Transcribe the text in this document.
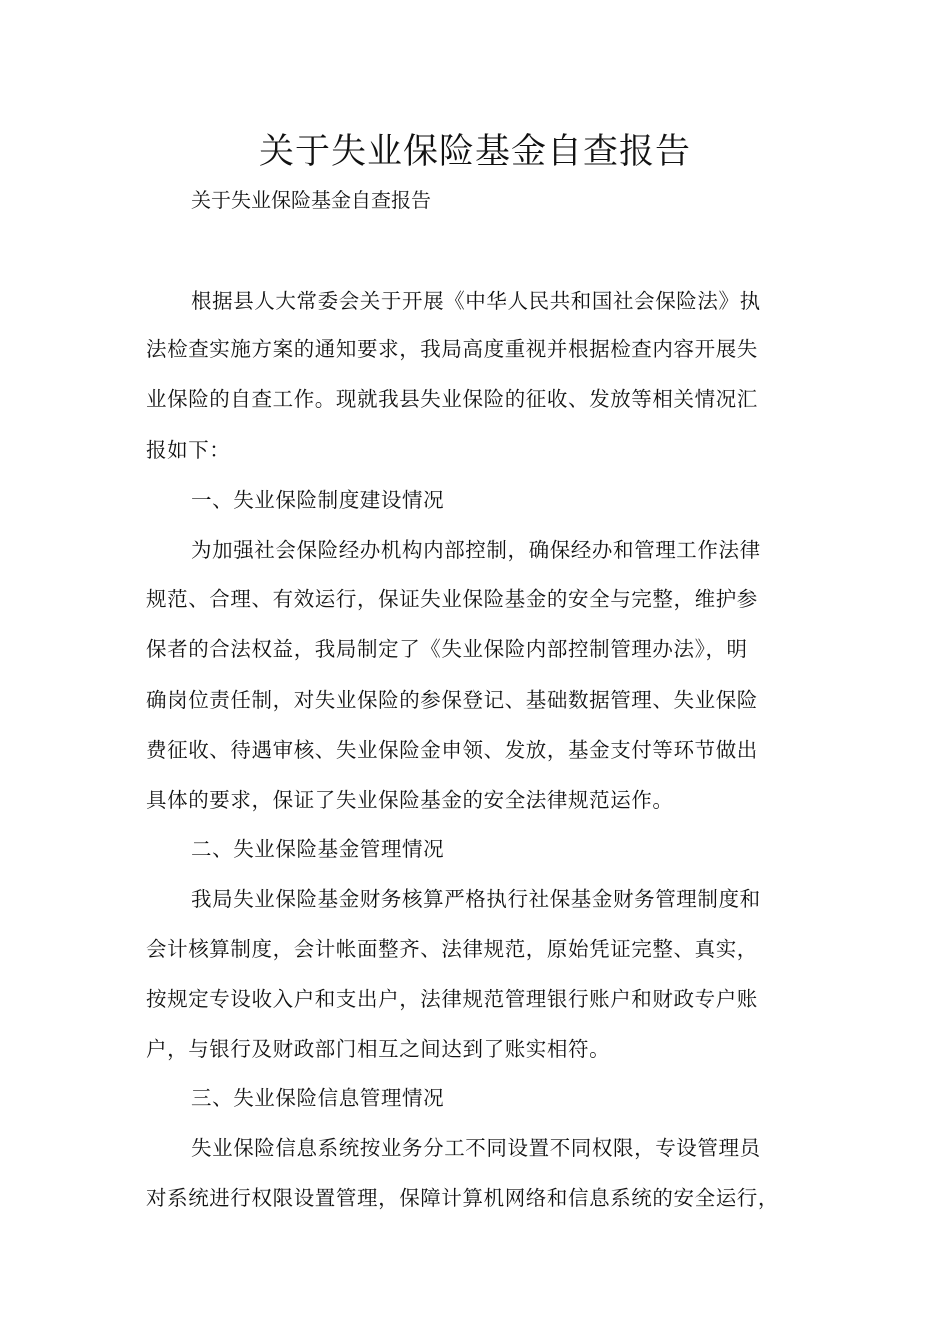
关于失业保险基金自查报告
关于失业保险基金自查报告
根据县人大常委会关于开展《中华人民共和国社会保险法》执
法检查实施方案的通知要求，我局高度重视并根据检查内容开展失
业保险的自查工作。现就我县失业保险的征收、发放等相关情况汇
报如下：
一、失业保险制度建设情况
为加强社会保险经办机构内部控制，确保经办和管理工作法律
规范、合理、有效运行，保证失业保险基金的安全与完整，维护参
保者的合法权益，我局制定了《失业保险内部控制管理办法》，明
确岗位责任制，对失业保险的参保登记、基础数据管理、失业保险
费征收、待遇审核、失业保险金申领、发放，基金支付等环节做出
具体的要求，保证了失业保险基金的安全法律规范运作。
二、失业保险基金管理情况
我局失业保险基金财务核算严格执行社保基金财务管理制度和
会计核算制度，会计帐面整齐、法律规范，原始凭证完整、真实，
按规定专设收入户和支出户，法律规范管理银行账户和财政专户账
户，与银行及财政部门相互之间达到了账实相符。
三、失业保险信息管理情况
失业保险信息系统按业务分工不同设置不同权限，专设管理员
对系统进行权限设置管理，保障计算机网络和信息系统的安全运行，
